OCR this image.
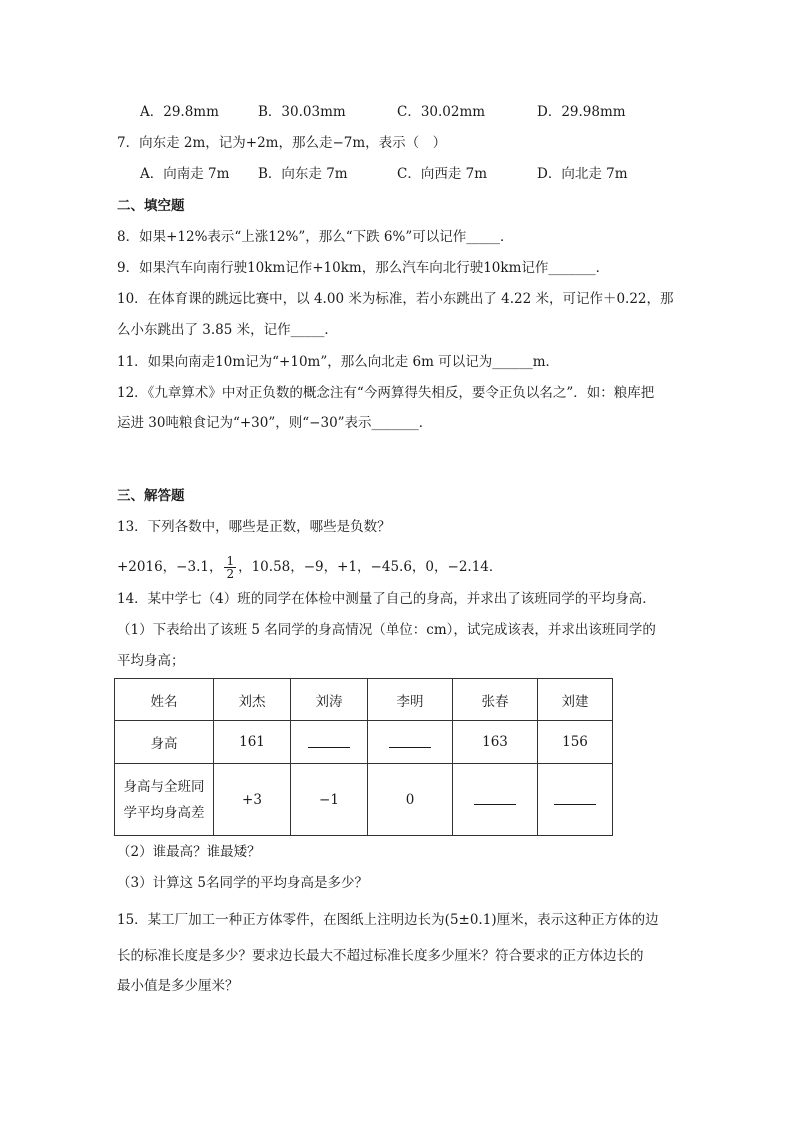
A．29.8mm	B．30.03mm	C．30.02mm	D．29.98mm
7．向东走 2m，记为+2m，那么走−7m，表示（　）
A．向南走 7m B．向东走 7m	C．向西走 7m	D．向北走 7m
二、填空题
8．如果+12%表示“上涨12%”，那么“下跌 6%”可以记作_____．
9．如果汽车向南行驶10km记作+10km，那么汽车向北行驶10km记作_______．
10．在体育课的跳远比赛中，以 4.00 米为标准，若小东跳出了 4.22 米，可记作＋0.22，那
么小东跳出了 3.85 米，记作_____．
11．如果向南走10m记为“+10m”，那么向北走 6m 可以记为______m．
12．《九章算术》中对正负数的概念注有“今两算得失相反，要令正负以名之”．如：粮库把
运进 30吨粮食记为“+30”，则“−30”表示_______．
三、解答题
13．下列各数中，哪些是正数，哪些是负数？
+2016，−3.1， $\frac{1}{2}$ ，10.58，−9，+1，−45.6，0，−2.14．
14．某中学七（4）班的同学在体检中测量了自己的身高，并求出了该班同学的平均身高．
（1）下表给出了该班 5 名同学的身高情况（单位：cm），试完成该表，并求出该班同学的
平均身高；
姓名	刘杰	刘涛	李明	张春	刘建
身高	161			163	156
身高与全班同
学平均身高差	+3	−1	0		
（2）谁最高？谁最矮？
（3）计算这 5名同学的平均身高是多少？
15．某工厂加工一种正方体零件，在图纸上注明边长为(5±0.1)厘米，表示这种正方体的边
长的标准长度是多少？要求边长最大不超过标准长度多少厘米？符合要求的正方体边长的
最小值是多少厘米？
